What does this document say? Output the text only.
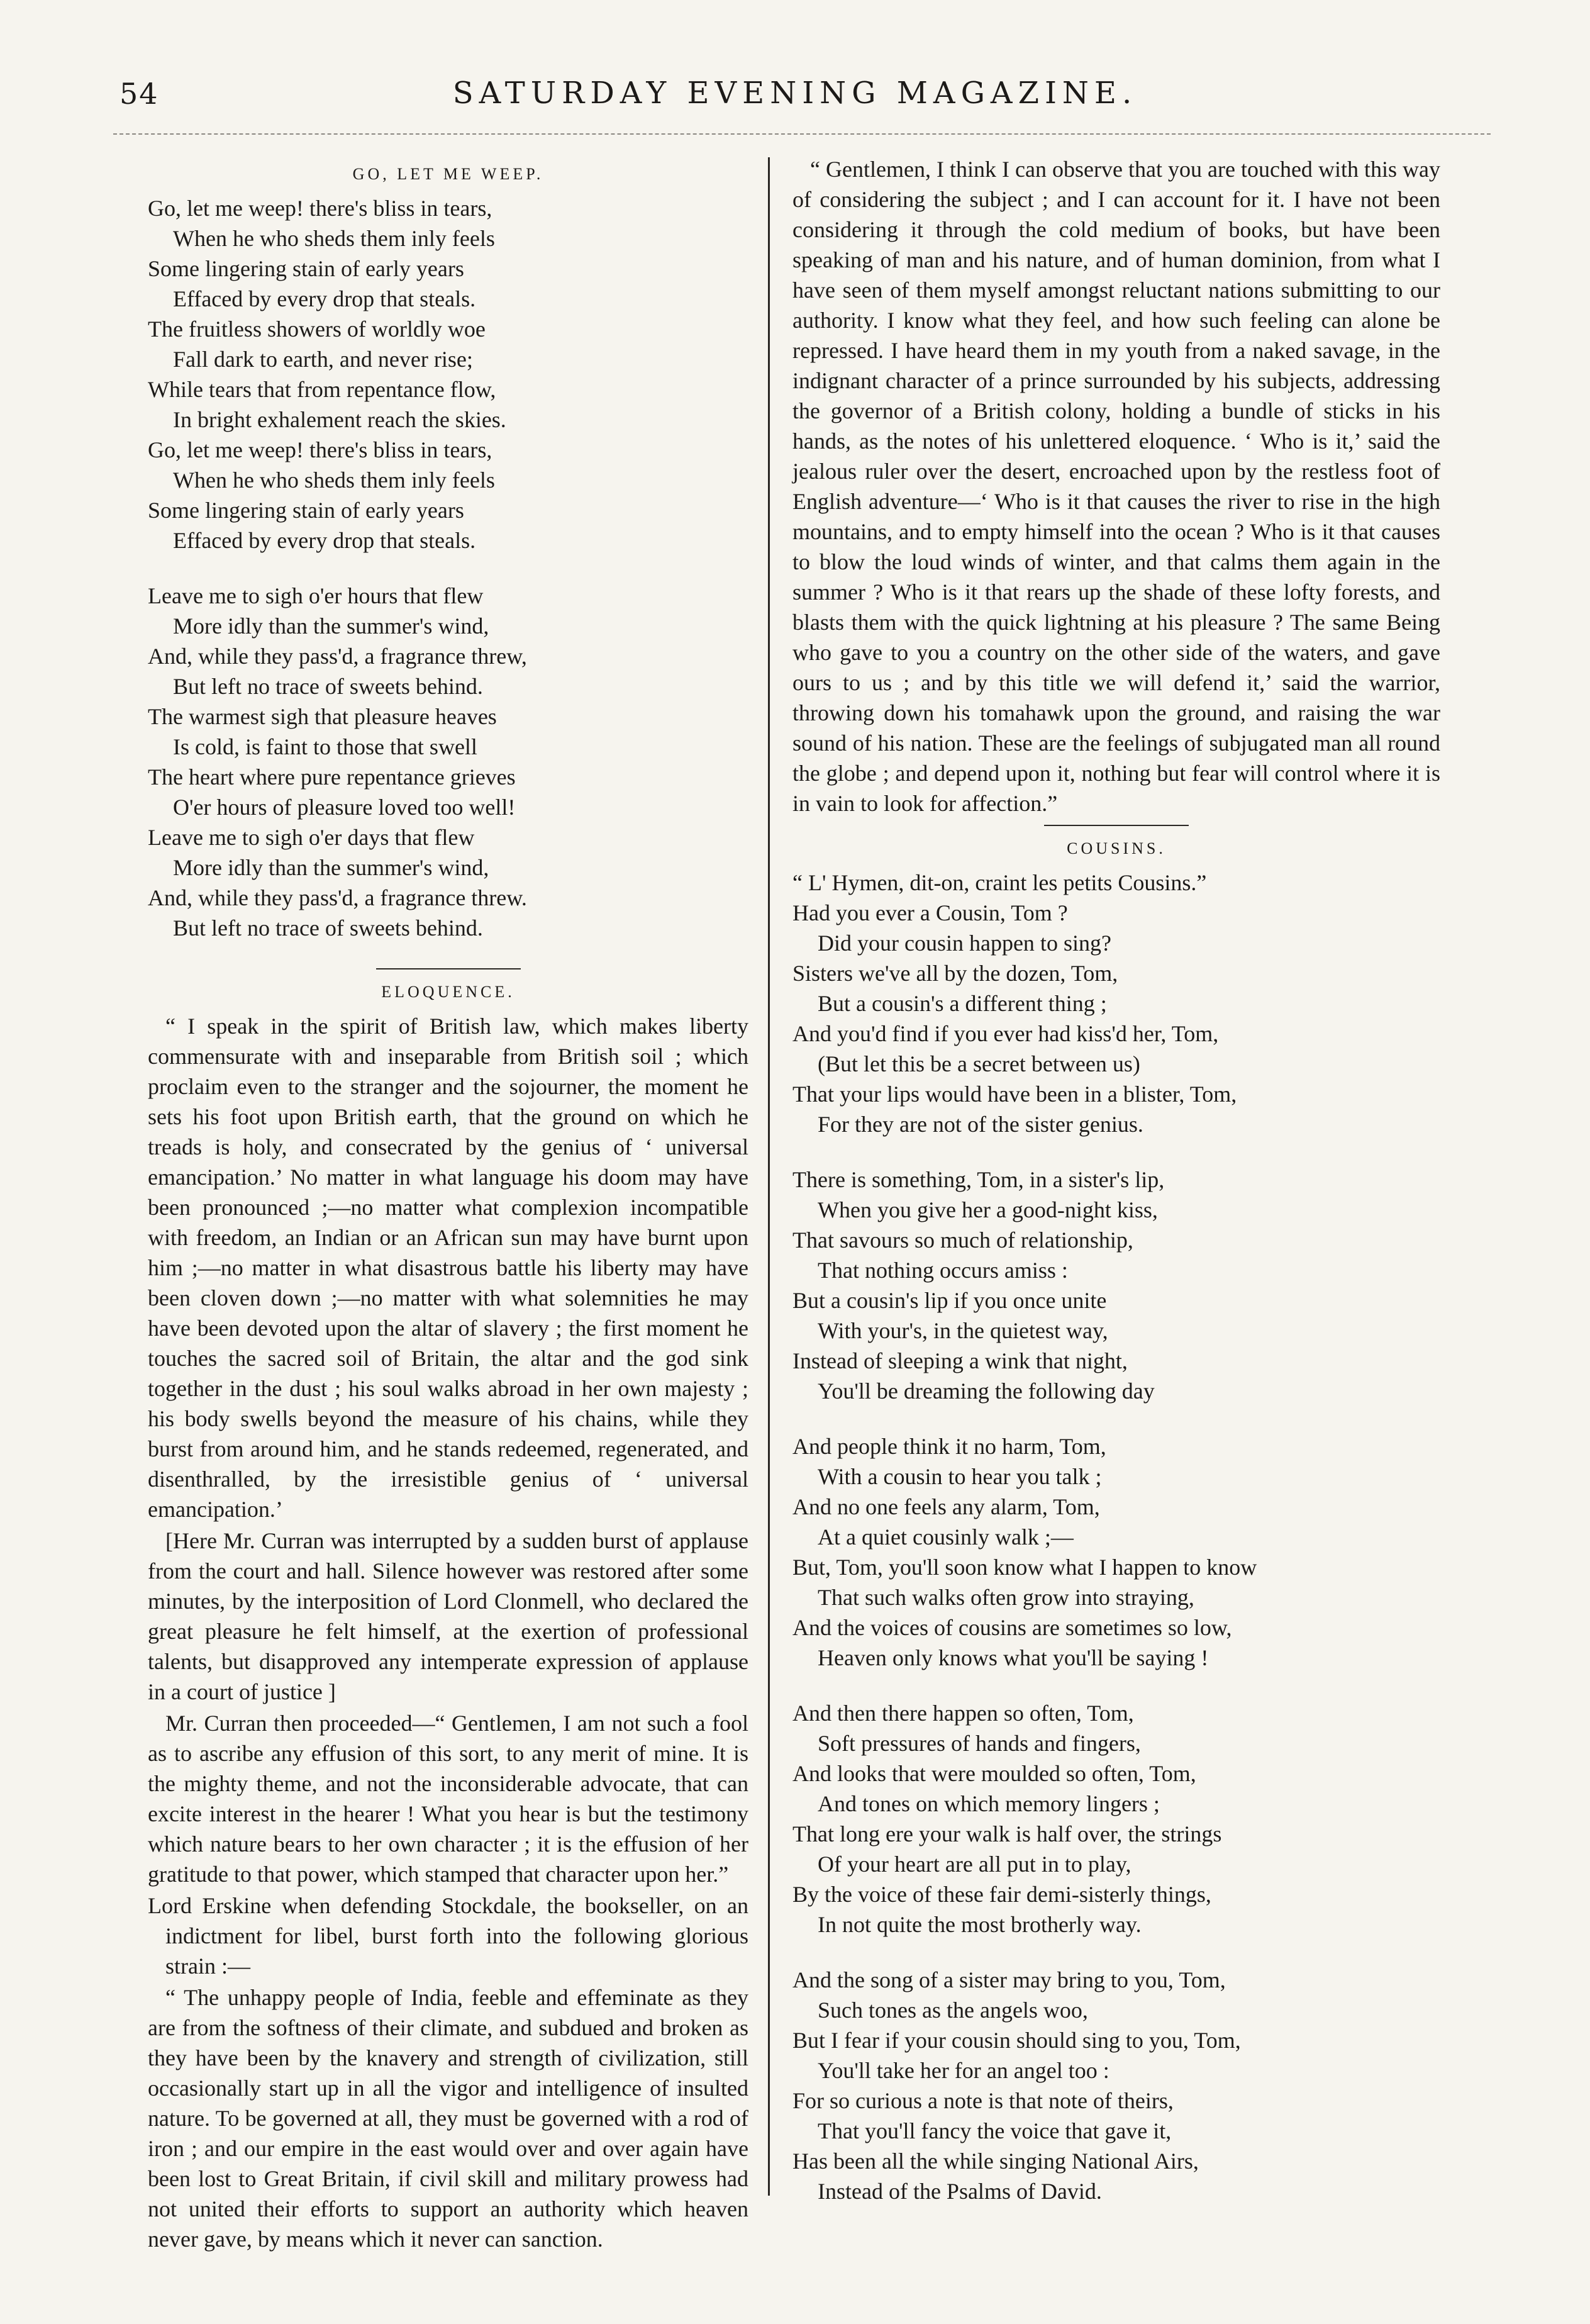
54	SATURDAY EVENING MAGAZINE.
GO, LET ME WEEP.
Go, let me weep! there's bliss in tears,
When he who sheds them inly feels
Some lingering stain of early years
Effaced by every drop that steals.
The fruitless showers of worldly woe
Fall dark to earth, and never rise;
While tears that from repentance flow,
In bright exhalement reach the skies.
Go, let me weep! there's bliss in tears,
When he who sheds them inly feels
Some lingering stain of early years
Effaced by every drop that steals.
Leave me to sigh o'er hours that flew
More idly than the summer's wind,
And, while they pass'd, a fragrance threw,
But left no trace of sweets behind.
The warmest sigh that pleasure heaves
Is cold, is faint to those that swell
The heart where pure repentance grieves
O'er hours of pleasure loved too well!
Leave me to sigh o'er days that flew
More idly than the summer's wind,
And, while they pass'd, a fragrance threw.
But left no trace of sweets behind.
ELOQUENCE.

“ I speak in the spirit of British law, which makes liberty commensurate with and inseparable from British soil ; which proclaim even to the stranger and the sojourner, the moment he sets his foot upon British earth, that the ground on which he treads is holy, and consecrated by the genius of ‘ universal emancipation.’ No matter in what language his doom may have been pronounced ;—no matter what complexion incompatible with freedom, an Indian or an African sun may have burnt upon him ;—no matter in what disastrous battle his liberty may have been cloven down ;—no matter with what solemnities he may have been devoted upon the altar of slavery ; the first moment he touches the sacred soil of Britain, the altar and the god sink together in the dust ; his soul walks abroad in her own majesty ; his body swells beyond the measure of his chains, while they burst from around him, and he stands redeemed, regenerated, and disenthralled, by the irresistible genius of ‘ universal emancipation.’

[Here Mr. Curran was interrupted by a sudden burst of applause from the court and hall. Silence however was restored after some minutes, by the interposition of Lord Clonmell, who declared the great pleasure he felt himself, at the exertion of professional talents, but disapproved any intemperate expression of applause in a court of justice ]

Mr. Curran then proceeded—“ Gentlemen, I am not such a fool as to ascribe any effusion of this sort, to any merit of mine. It is the mighty theme, and not the inconsiderable advocate, that can excite interest in the hearer ! What you hear is but the testimony which nature bears to her own character ; it is the effusion of her gratitude to that power, which stamped that character upon her.”

Lord Erskine when defending Stockdale, the bookseller, on an indictment for libel, burst forth into the following glorious strain :—

“ The unhappy people of India, feeble and effeminate as they are from the softness of their climate, and subdued and broken as they have been by the knavery and strength of civilization, still occasionally start up in all the vigor and intelligence of insulted nature. To be governed at all, they must be governed with a rod of iron ; and our empire in the east would over and over again have been lost to Great Britain, if civil skill and military prowess had not united their efforts to support an authority which heaven never gave, by means which it never can sanction.

“ Gentlemen, I think I can observe that you are touched with this way of considering the subject ; and I can account for it. I have not been considering it through the cold medium of books, but have been speaking of man and his nature, and of human dominion, from what I have seen of them myself amongst reluctant nations submitting to our authority. I know what they feel, and how such feeling can alone be repressed. I have heard them in my youth from a naked savage, in the indignant character of a prince surrounded by his subjects, addressing the governor of a British colony, holding a bundle of sticks in his hands, as the notes of his unlettered eloquence. ‘ Who is it,’ said the jealous ruler over the desert, encroached upon by the restless foot of English adventure—‘ Who is it that causes the river to rise in the high mountains, and to empty himself into the ocean ? Who is it that causes to blow the loud winds of winter, and that calms them again in the summer ? Who is it that rears up the shade of these lofty forests, and blasts them with the quick lightning at his pleasure ? The same Being who gave to you a country on the other side of the waters, and gave ours to us ; and by this title we will defend it,’ said the warrior, throwing down his tomahawk upon the ground, and raising the war sound of his nation. These are the feelings of subjugated man all round the globe ; and depend upon it, nothing but fear will control where it is in vain to look for affection.”

COUSINS.
“ L' Hymen, dit-on, craint les petits Cousins.”
Had you ever a Cousin, Tom ?
Did your cousin happen to sing?
Sisters we've all by the dozen, Tom,
But a cousin's a different thing ;
And you'd find if you ever had kiss'd her, Tom,
(But let this be a secret between us)
That your lips would have been in a blister, Tom,
For they are not of the sister genius.
There is something, Tom, in a sister's lip,
When you give her a good-night kiss,
That savours so much of relationship,
That nothing occurs amiss :
But a cousin's lip if you once unite
With your's, in the quietest way,
Instead of sleeping a wink that night,
You'll be dreaming the following day
And people think it no harm, Tom,
With a cousin to hear you talk ;
And no one feels any alarm, Tom,
At a quiet cousinly walk ;—
But, Tom, you'll soon know what I happen to know
That such walks often grow into straying,
And the voices of cousins are sometimes so low,
Heaven only knows what you'll be saying !
And then there happen so often, Tom,
Soft pressures of hands and fingers,
And looks that were moulded so often, Tom,
And tones on which memory lingers ;
That long ere your walk is half over, the strings
Of your heart are all put in to play,
By the voice of these fair demi-sisterly things,
In not quite the most brotherly way.
And the song of a sister may bring to you, Tom,
Such tones as the angels woo,
But I fear if your cousin should sing to you, Tom,
You'll take her for an angel too :
For so curious a note is that note of theirs,
That you'll fancy the voice that gave it,
Has been all the while singing National Airs,
Instead of the Psalms of David.
